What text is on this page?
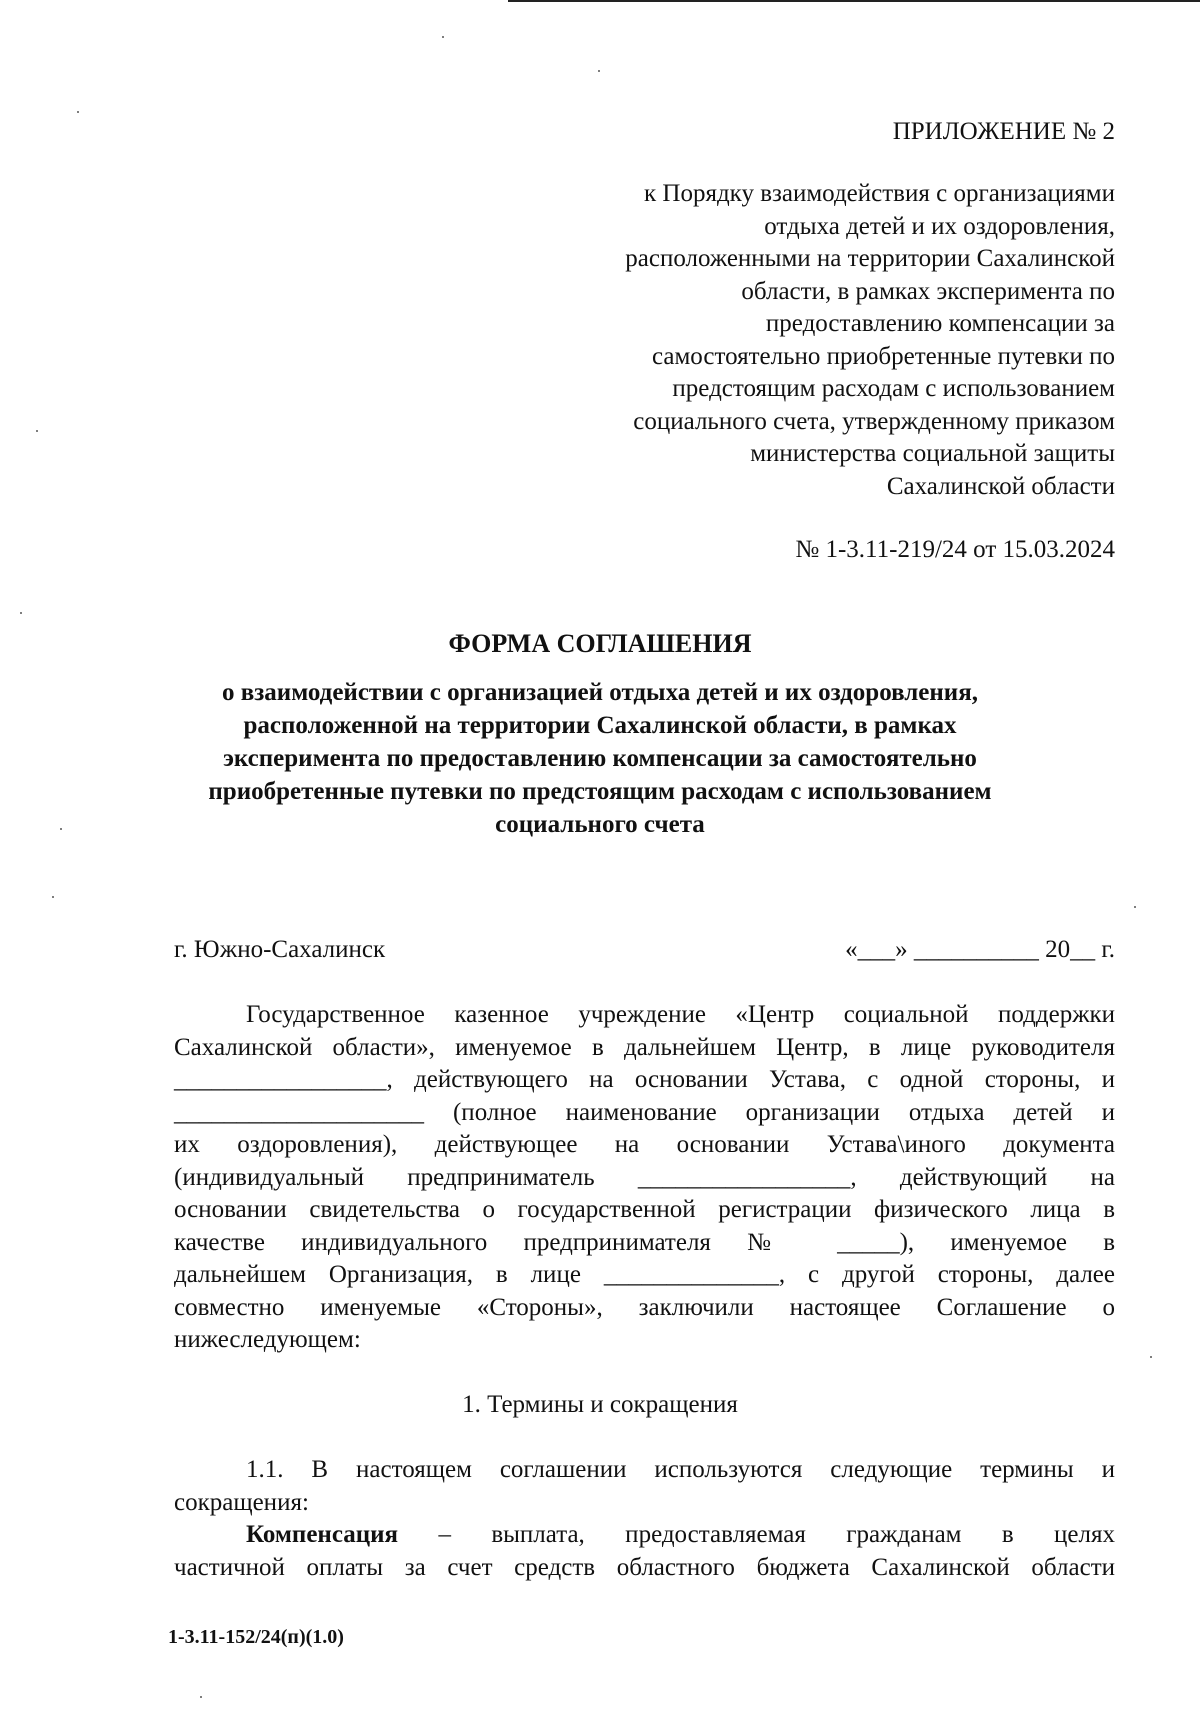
ПРИЛОЖЕНИЕ № 2
к Порядку взаимодействия с организациями
отдыха детей и их оздоровления,
расположенными на территории Сахалинской
области, в рамках эксперимента по
предоставлению компенсации за
самостоятельно приобретенные путевки по
предстоящим расходам с использованием
социального счета, утвержденному приказом
министерства социальной защиты
Сахалинской области
№ 1-3.11-219/24 от 15.03.2024
ФОРМА СОГЛАШЕНИЯ
о взаимодействии с организацией отдыха детей и их оздоровления,
расположенной на территории Сахалинской области, в рамках
эксперимента по предоставлению компенсации за самостоятельно
приобретенные путевки по предстоящим расходам с использованием
социального счета
г. Южно-Сахалинск	«___» __________ 20__ г.
Государственное казенное учреждение «Центр социальной поддержки
Сахалинской области», именуемое в дальнейшем Центр, в лице руководителя
_________________, действующего на основании Устава, с одной стороны, и
____________________ (полное наименование организации отдыха детей и
их оздоровления), действующее на основании Устава\иного документа
(индивидуальный предприниматель _________________, действующий на
основании свидетельства о государственной регистрации физического лица в
качестве индивидуального предпринимателя № _____), именуемое в
дальнейшем Организация, в лице ______________, с другой стороны, далее
совместно именуемые «Стороны», заключили настоящее Соглашение о
нижеследующем:
1. Термины и сокращения
1.1. В настоящем соглашении используются следующие термины и
сокращения:
Компенсация – выплата, предоставляемая гражданам в целях
частичной оплаты за счет средств областного бюджета Сахалинской области
1-3.11-152/24(п)(1.0)
